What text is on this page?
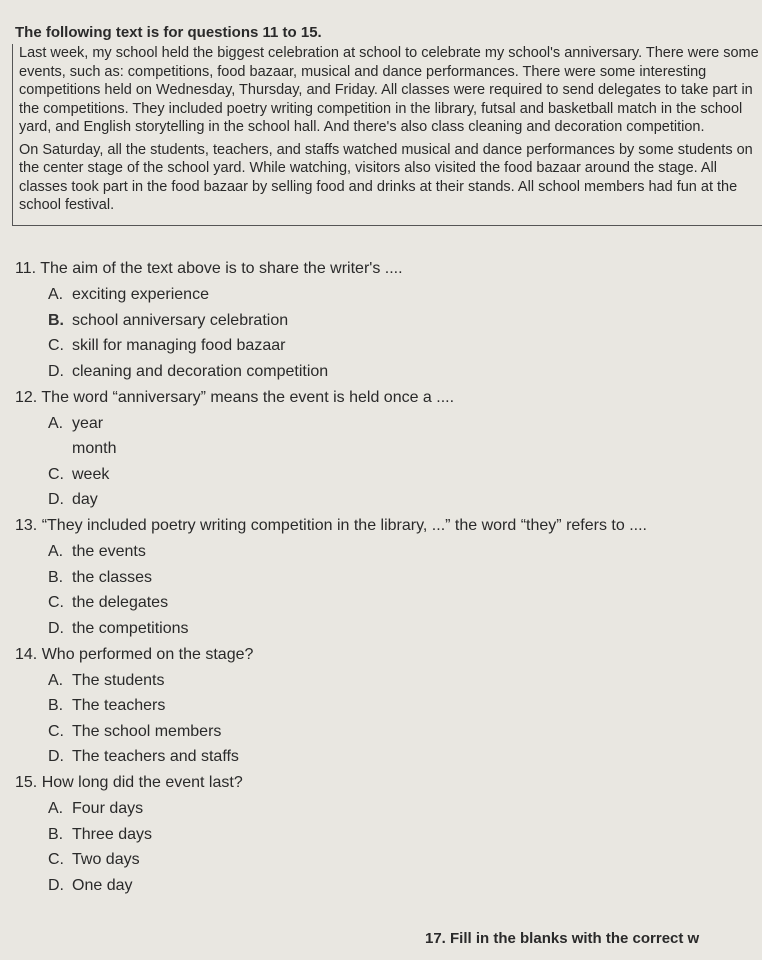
The following text is for questions 11 to 15.

Last week, my school held the biggest celebration at school to celebrate my school's anniversary. There were some events, such as: competitions, food bazaar, musical and dance performances. There were some interesting competitions held on Wednesday, Thursday, and Friday. All classes were required to send delegates to take part in the competitions. They included poetry writing competition in the library, futsal and basketball match in the school yard, and English storytelling in the school hall. And there's also class cleaning and decoration competition.

On Saturday, all the students, teachers, and staffs watched musical and dance performances by some students on the center stage of the school yard. While watching, visitors also visited the food bazaar around the stage. All classes took part in the food bazaar by selling food and drinks at their stands. All school members had fun at the school festival.

11. The aim of the text above is to share the writer's ....
A. exciting experience
B. school anniversary celebration
C. skill for managing food bazaar
D. cleaning and decoration competition
12. The word “anniversary” means the event is held once a ....
A. year
month
C. week
D. day
13. “They included poetry writing competition in the library, ...” the word “they” refers to ....
A. the events
B. the classes
C. the delegates
D. the competitions
14. Who performed on the stage?
A. The students
B. The teachers
C. The school members
D. The teachers and staffs
15. How long did the event last?
A. Four days
B. Three days
C. Two days
D. One day
17. Fill in the blanks with the correct w
